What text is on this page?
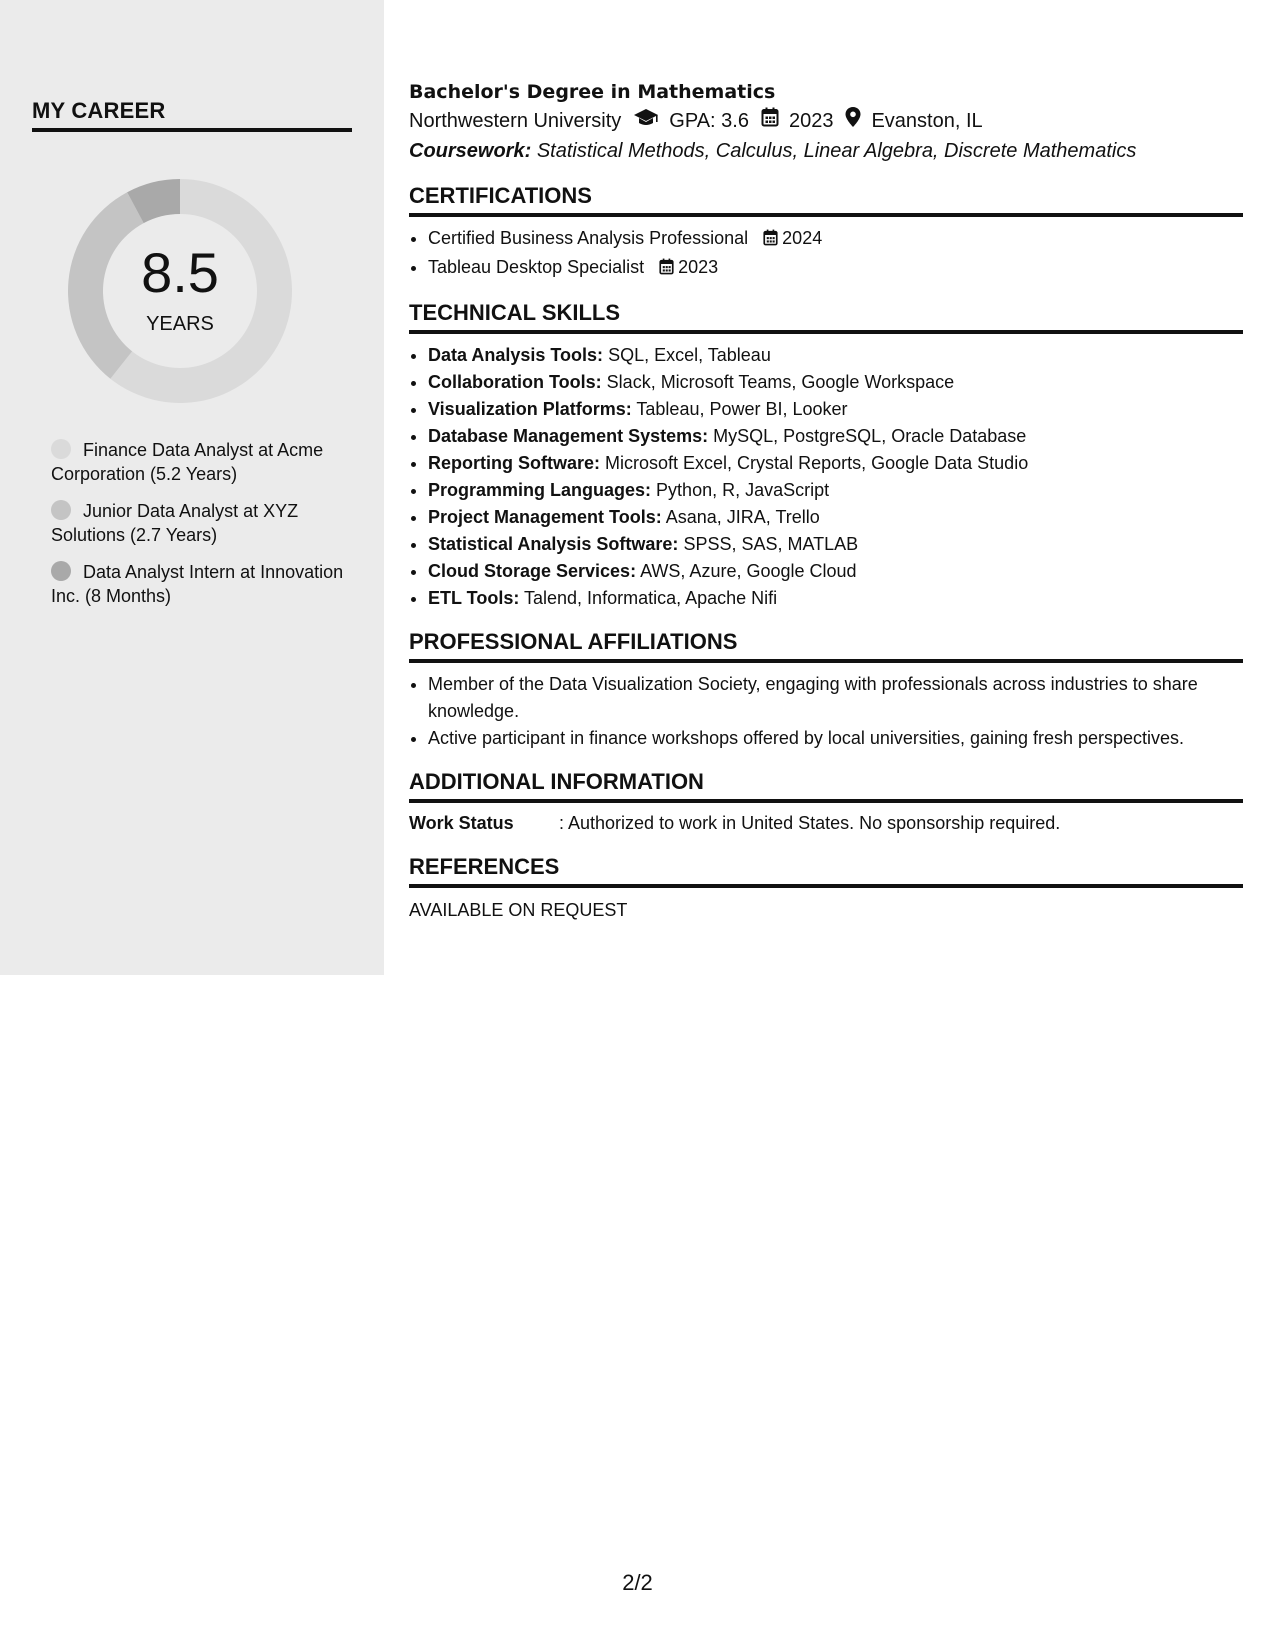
MY CAREER
8.5
YEARS
Finance Data Analyst at Acme Corporation (5.2 Years)
Junior Data Analyst at XYZ Solutions (2.7 Years)
Data Analyst Intern at Innovation Inc. (8 Months)
Bachelor's Degree in Mathematics
Northwestern University GPA: 3.6 2023 Evanston, IL
Coursework: Statistical Methods, Calculus, Linear Algebra, Discrete Mathematics
CERTIFICATIONS
• Certified Business Analysis Professional 2024
• Tableau Desktop Specialist 2023
TECHNICAL SKILLS
• Data Analysis Tools: SQL, Excel, Tableau
• Collaboration Tools: Slack, Microsoft Teams, Google Workspace
• Visualization Platforms: Tableau, Power BI, Looker
• Database Management Systems: MySQL, PostgreSQL, Oracle Database
• Reporting Software: Microsoft Excel, Crystal Reports, Google Data Studio
• Programming Languages: Python, R, JavaScript
• Project Management Tools: Asana, JIRA, Trello
• Statistical Analysis Software: SPSS, SAS, MATLAB
• Cloud Storage Services: AWS, Azure, Google Cloud
• ETL Tools: Talend, Informatica, Apache Nifi
PROFESSIONAL AFFILIATIONS
• Member of the Data Visualization Society, engaging with professionals across industries to share knowledge.
• Active participant in finance workshops offered by local universities, gaining fresh perspectives.
ADDITIONAL INFORMATION
Work Status	: Authorized to work in United States. No sponsorship required.
REFERENCES
AVAILABLE ON REQUEST
2/2
